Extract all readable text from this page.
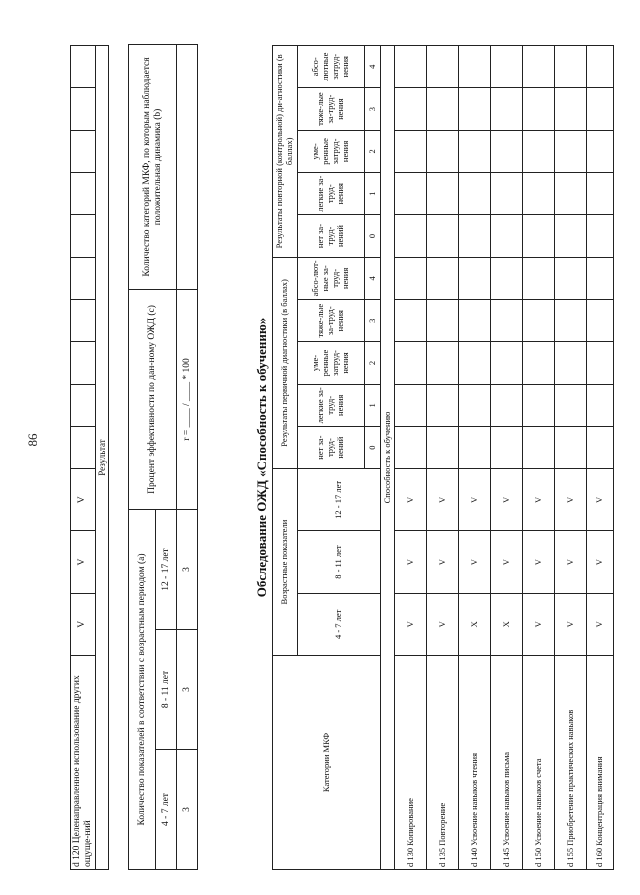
86
d 120 Целенаправленное использование других ощуще-ний	V	V	V										
Результат
Количество показателей в соответствии с возрастным периодом (а)			Процент эффективности по дан-ному ОЖД (с)	Количество категорий МКФ, по которым наблюдается положительная динамика (b)
4 - 7 лет	8 - 11 лет	12 - 17 лет		
3	3	3	r = ____ / ____ * 100		Обследование ОЖД «Способность к обучению»
Категории МКФ	Возрастные показатели			Результаты первичной диагностики (в баллах)					Результаты повторной (контрольной) ди-агностики (в баллах)				
	4 - 7 лет	8 - 11 лет	12 - 17 лет	нет за-труд-нений	легкие за-труд-нения	уме-ренные затруд-нения	тяже-лые за-труд-нения	абсо-лют-ные за-труд-нения	нет за-труд-нений	легкие за-труд-нения	уме-ренные затруд-нения	тяже-лые за-труд-нения	абсо-лютные затруд-нения
				0	1	2	3	4	0	1	2	3	4
Способность к обучению													
d 130 Копирование	V	V	V										
d 135 Повторение	V	V	V										
d 140 Усвоение навыков чтения	X	V	V										
d 145 Усвоение навыков письма	X	V	V										
d 150 Усвоение навыков счета	V	V	V										
d 155 Приобретение практических навыков	V	V	V										
d 160 Концентрация внимания	V	V	V										
